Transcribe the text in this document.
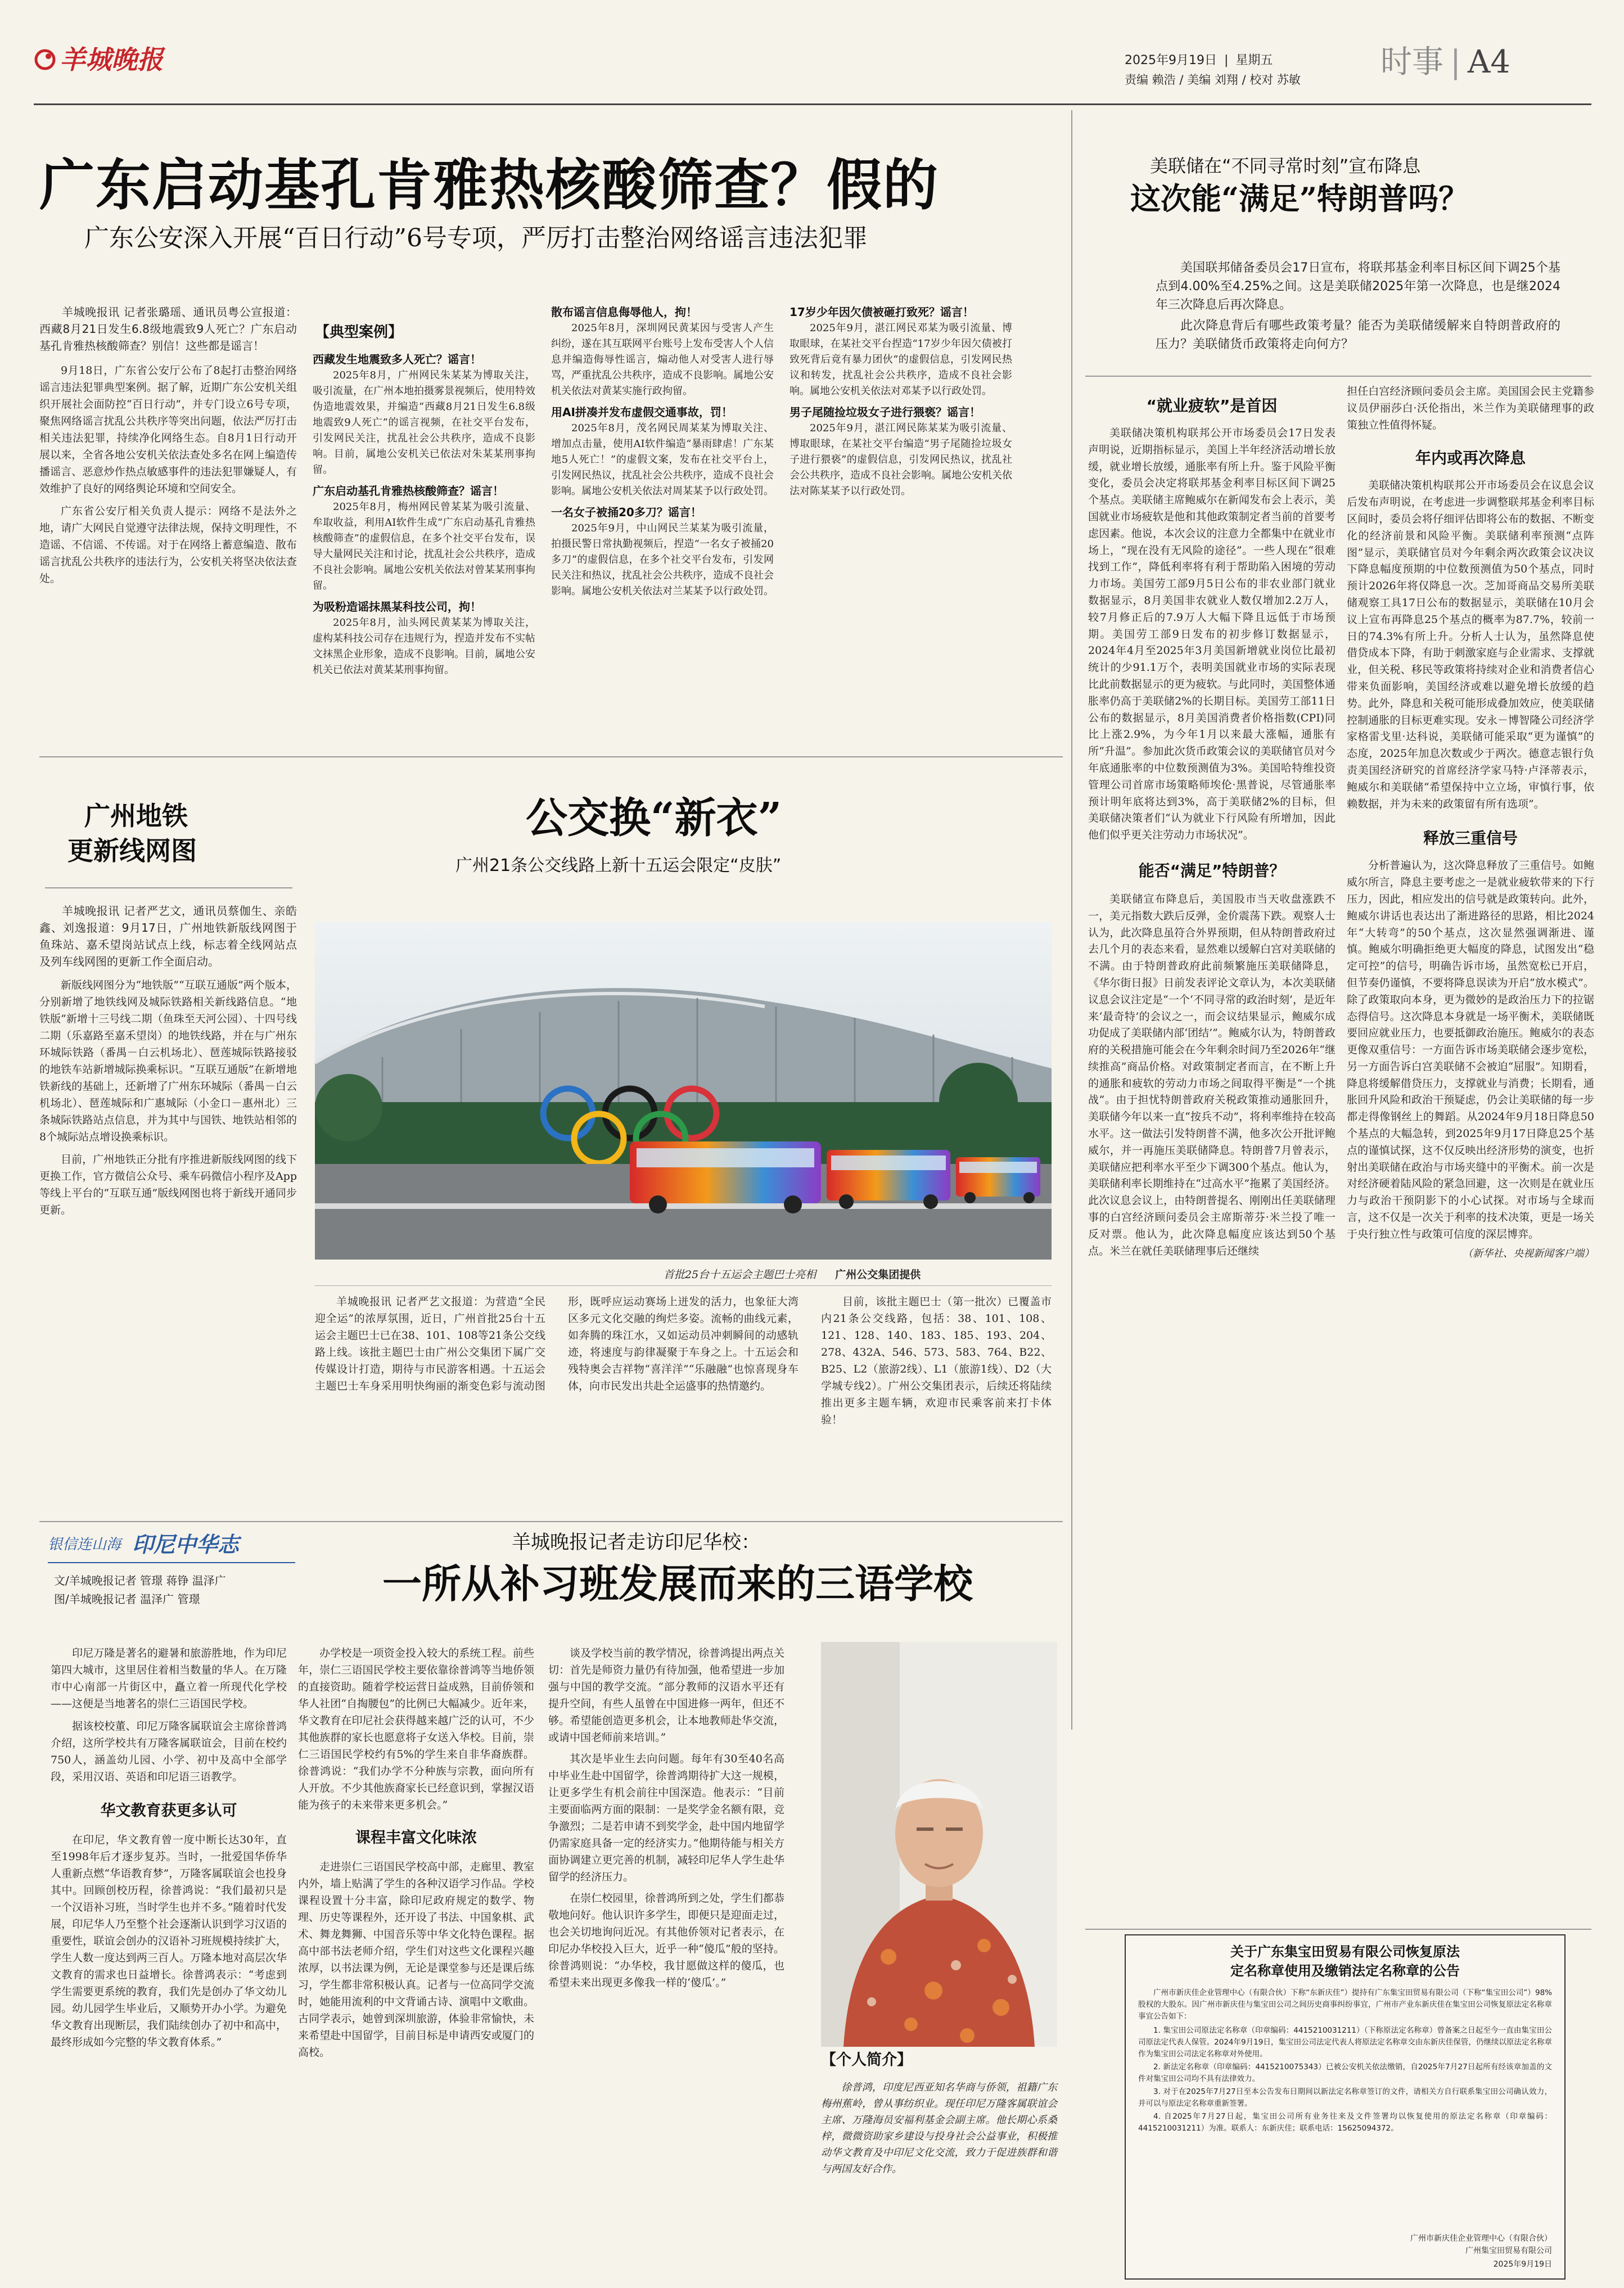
羊城晚报	2025年9月19日 | 星期五
责编 赖浩 / 美编 刘翔 / 校对 苏敏	时事 | A4
广东启动基孔肯雅热核酸筛查？假的
广东公安深入开展“百日行动”6号专项，严厉打击整治网络谣言违法犯罪

羊城晚报讯 记者张璐瑶、通讯员粤公宣报道：西藏8月21日发生6.8级地震致9人死亡？广东启动基孔肯雅热核酸筛查？别信！这些都是谣言！

9月18日，广东省公安厅公布了8起打击整治网络谣言违法犯罪典型案例。据了解，近期广东公安机关组织开展社会面防控“百日行动”，并专门设立6号专项，聚焦网络谣言扰乱公共秩序等突出问题，依法严厉打击相关违法犯罪，持续净化网络生态。自8月1日行动开展以来，全省各地公安机关依法查处多名在网上编造传播谣言、恶意炒作热点敏感事件的违法犯罪嫌疑人，有效维护了良好的网络舆论环境和空间安全。

广东省公安厅相关负责人提示：网络不是法外之地，请广大网民自觉遵守法律法规，保持文明理性，不造谣、不信谣、不传谣。对于在网络上蓄意编造、散布谣言扰乱公共秩序的违法行为，公安机关将坚决依法查处。

【典型案例】
西藏发生地震致多人死亡？谣言！
2025年8月，广州网民朱某某为博取关注，吸引流量，在广州本地拍摄雾景视频后，使用特效伪造地震效果，并编造“西藏8月21日发生6.8级地震致9人死亡”的谣言视频，在社交平台发布，引发网民关注，扰乱社会公共秩序，造成不良影响。目前，属地公安机关已依法对朱某某刑事拘留。
广东启动基孔肯雅热核酸筛查？谣言！
2025年8月，梅州网民曾某某为吸引流量、牟取收益，利用AI软件生成“广东启动基孔肯雅热核酸筛查”的虚假信息，在多个社交平台发布，误导大量网民关注和讨论，扰乱社会公共秩序，造成不良社会影响。属地公安机关依法对曾某某刑事拘留。
为吸粉造谣抹黑某科技公司，拘！
2025年8月，汕头网民黄某某为博取关注，虚构某科技公司存在违规行为，捏造并发布不实帖文抹黑企业形象，造成不良影响。目前，属地公安机关已依法对黄某某刑事拘留。
散布谣言信息侮辱他人，拘！
2025年8月，深圳网民黄某因与受害人产生纠纷，遂在其互联网平台账号上发布受害人个人信息并编造侮辱性谣言，煽动他人对受害人进行辱骂，严重扰乱公共秩序，造成不良影响。属地公安机关依法对黄某实施行政拘留。
用AI拼凑并发布虚假交通事故，罚！
2025年8月，茂名网民周某某为博取关注、增加点击量，使用AI软件编造“暴雨肆虐！广东某地5人死亡！”的虚假文案，发布在社交平台上，引发网民热议，扰乱社会公共秩序，造成不良社会影响。属地公安机关依法对周某某予以行政处罚。
一名女子被捅20多刀？谣言！
2025年9月，中山网民兰某某为吸引流量，拍摄民警日常执勤视频后，捏造“一名女子被捅20多刀”的虚假信息，在多个社交平台发布，引发网民关注和热议，扰乱社会公共秩序，造成不良社会影响。属地公安机关依法对兰某某予以行政处罚。
17岁少年因欠债被砸打致死？谣言！
2025年9月，湛江网民邓某为吸引流量、博取眼球，在某社交平台捏造“17岁少年因欠债被打致死背后竟有暴力团伙”的虚假信息，引发网民热议和转发，扰乱社会公共秩序，造成不良社会影响。属地公安机关依法对邓某予以行政处罚。
男子尾随捡垃圾女子进行猥亵？谣言！
2025年9月，湛江网民陈某某为吸引流量、博取眼球，在某社交平台编造“男子尾随捡垃圾女子进行猥亵”的虚假信息，引发网民热议，扰乱社会公共秩序，造成不良社会影响。属地公安机关依法对陈某某予以行政处罚。
广州地铁
更新线网图

羊城晚报讯 记者严艺文，通讯员蔡伽生、亲皓鑫、刘逸报道：9月17日，广州地铁新版线网图于鱼珠站、嘉禾望岗站试点上线，标志着全线网站点及列车线网图的更新工作全面启动。

新版线网图分为“地铁版”“互联互通版”两个版本，分别新增了地铁线网及城际铁路相关新线路信息。“地铁版”新增十三号线二期（鱼珠至天河公园）、十四号线二期（乐嘉路至嘉禾望岗）的地铁线路，并在与广州东环城际铁路（番禺－白云机场北）、琶莲城际铁路接驳的地铁车站新增城际换乘标识。“互联互通版”在新增地铁新线的基础上，还新增了广州东环城际（番禺－白云机场北）、琶莲城际和广惠城际（小金口－惠州北）三条城际铁路站点信息，并为其中与国铁、地铁站相邻的8个城际站点增设换乘标识。

目前，广州地铁正分批有序推进新版线网图的线下更换工作，官方微信公众号、乘车码微信小程序及App等线上平台的“互联互通”版线网图也将于新线开通同步更新。

公交换“新衣”
广州21条公交线路上新十五运会限定“皮肤”
首批25台十五运会主题巴士亮相 广州公交集团提供
羊城晚报讯 记者严艺文报道：为营造“全民迎全运”的浓厚氛围，近日，广州首批25台十五运会主题巴士已在38、101、108等21条公交线路上线。该批主题巴士由广州公交集团下属广交传媒设计打造，期待与市民游客相遇。十五运会主题巴士车身采用明快绚丽的渐变色彩与流动图形，既呼应运动赛场上迸发的活力，也象征大湾区多元文化交融的绚烂多姿。流畅的曲线元素，如奔腾的珠江水，又如运动员冲刺瞬间的动感轨迹，将速度与韵律凝聚于车身之上。十五运会和残特奥会吉祥物“喜洋洋”“乐融融”也惊喜现身车体，向市民发出共赴全运盛事的热情邀约。
目前，该批主题巴士（第一批次）已覆盖市内21条公交线路，包括：38、101、108、121、128、140、183、185、193、204、278、432A、546、573、583、764、B22、B25、L2（旅游2线）、L1（旅游1线）、D2（大学城专线2）。广州公交集团表示，后续还将陆续推出更多主题车辆，欢迎市民乘客前来打卡体验！
银信连山海 印尼中华志
文/羊城晚报记者 管璟 蒋铮 温泽广
图/羊城晚报记者 温泽广 管璟
羊城晚报记者走访印尼华校：
一所从补习班发展而来的三语学校

印尼万隆是著名的避暑和旅游胜地，作为印尼第四大城市，这里居住着相当数量的华人。在万隆市中心南部一片街区中，矗立着一所现代化学校——这便是当地著名的崇仁三语国民学校。

据该校校董、印尼万隆客属联谊会主席徐普鸿介绍，这所学校共有万隆客属联谊会，目前在校约750人，涵盖幼儿园、小学、初中及高中全部学段，采用汉语、英语和印尼语三语教学。

华文教育获更多认可

在印尼，华文教育曾一度中断长达30年，直至1998年后才逐步复苏。当时，一批爱国华侨华人重新点燃“华语教育梦”，万隆客属联谊会也投身其中。回顾创校历程，徐普鸿说：“我们最初只是一个汉语补习班，当时学生也并不多。”随着时代发展，印尼华人乃至整个社会逐渐认识到学习汉语的重要性，联谊会创办的汉语补习班规模持续扩大，学生人数一度达到两三百人。万隆本地对高层次华文教育的需求也日益增长。徐普鸿表示：“考虑到学生需要更系统的教育，我们先是创办了华文幼儿园。幼儿园学生毕业后，又顺势开办小学。为避免华文教育出现断层，我们陆续创办了初中和高中，最终形成如今完整的华文教育体系。”

办学校是一项资金投入较大的系统工程。前些年，崇仁三语国民学校主要依靠徐普鸿等当地侨领的直接资助。随着学校运营日益成熟，目前侨领和华人社团“自掏腰包”的比例已大幅减少。近年来，华文教育在印尼社会获得越来越广泛的认可，不少其他族群的家长也愿意将子女送入华校。目前，崇仁三语国民学校约有5%的学生来自非华裔族群。徐普鸿说：“我们办学不分种族与宗教，面向所有人开放。不少其他族裔家长已经意识到，掌握汉语能为孩子的未来带来更多机会。”

课程丰富文化味浓

走进崇仁三语国民学校高中部，走廊里、教室内外，墙上贴满了学生的各种汉语学习作品。学校课程设置十分丰富，除印尼政府规定的数学、物理、历史等课程外，还开设了书法、中国象棋、武术、舞龙舞狮、中国音乐等中华文化特色课程。据高中部书法老师介绍，学生们对这些文化课程兴趣浓厚，以书法课为例，无论是课堂参与还是课后练习，学生都非常积极认真。记者与一位高同学交流时，她能用流利的中文背诵古诗、演唱中文歌曲。古同学表示，她曾到深圳旅游，体验非常愉快，未来希望赴中国留学，目前目标是申请西安或厦门的高校。

谈及学校当前的教学情况，徐普鸿提出两点关切：首先是师资力量仍有待加强，他希望进一步加强与中国的教学交流。“部分教师的汉语水平还有提升空间，有些人虽曾在中国进修一两年，但还不够。希望能创造更多机会，让本地教师赴华交流，或请中国老师前来培训。”

其次是毕业生去向问题。每年有30至40名高中毕业生赴中国留学，徐普鸿期待扩大这一规模，让更多学生有机会前往中国深造。他表示：“目前主要面临两方面的限制：一是奖学金名额有限，竞争激烈；二是若申请不到奖学金，赴中国内地留学仍需家庭具备一定的经济实力。”他期待能与相关方面协调建立更完善的机制，减轻印尼华人学生赴华留学的经济压力。

在崇仁校园里，徐普鸿所到之处，学生们都恭敬地问好。他认识许多学生，即便只是迎面走过，也会关切地询问近况。有其他侨领对记者表示，在印尼办华校投入巨大，近乎一种“傻瓜”般的坚持。徐普鸿则说：“办华校，我甘愿做这样的傻瓜，也希望未来出现更多像我一样的‘傻瓜’。”

【个人简介】
徐普鸿，印度尼西亚知名华商与侨领，祖籍广东梅州蕉岭，曾从事纺织业。现任印尼万隆客属联谊会主席、万隆海员安福利基金会副主席。他长期心系桑梓，微微资助家乡建设与投身社会公益事业，积极推动华文教育及中印尼文化交流，致力于促进族群和谐与两国友好合作。
美联储在“不同寻常时刻”宣布降息
这次能“满足”特朗普吗？

美国联邦储备委员会17日宣布，将联邦基金利率目标区间下调25个基点到4.00%至4.25%之间。这是美联储2025年第一次降息，也是继2024年三次降息后再次降息。

此次降息背后有哪些政策考量？能否为美联储缓解来自特朗普政府的压力？美联储货币政策将走向何方？

“就业疲软”是首因

美联储决策机构联邦公开市场委员会17日发表声明说，近期指标显示，美国上半年经济活动增长放缓，就业增长放缓，通胀率有所上升。鉴于风险平衡变化，委员会决定将联邦基金利率目标区间下调25个基点。美联储主席鲍威尔在新闻发布会上表示，美国就业市场疲软是他和其他政策制定者当前的首要考虑因素。他说，本次会议的注意力全都集中在就业市场上，“现在没有无风险的途径”。一些人现在“很难找到工作”，降低利率将有利于帮助陷入困境的劳动力市场。美国劳工部9月5日公布的非农业部门就业数据显示，8月美国非农就业人数仅增加2.2万人，较7月修正后的7.9万人大幅下降且远低于市场预期。美国劳工部9日发布的初步修订数据显示，2024年4月至2025年3月美国新增就业岗位比最初统计的少91.1万个，表明美国就业市场的实际表现比此前数据显示的更为疲软。与此同时，美国整体通胀率仍高于美联储2%的长期目标。美国劳工部11日公布的数据显示，8月美国消费者价格指数(CPI)同比上涨2.9%，为今年1月以来最大涨幅，通胀有所“升温”。参加此次货币政策会议的美联储官员对今年底通胀率的中位数预测值为3%。美国哈特维投资管理公司首席市场策略师埃伦·黑普说，尽管通胀率预计明年底将达到3%，高于美联储2%的目标，但美联储决策者们“认为就业下行风险有所增加，因此他们似乎更关注劳动力市场状况”。

能否“满足”特朗普？

美联储宣布降息后，美国股市当天收盘涨跌不一，美元指数大跌后反弹，金价震荡下跌。观察人士认为，此次降息虽符合外界预期，但从特朗普政府过去几个月的表态来看，显然难以缓解白宫对美联储的不满。由于特朗普政府此前频繁施压美联储降息，《华尔街日报》日前发表评论文章认为，本次美联储议息会议注定是“一个‘不同寻常的政治时刻’，是近年来‘最奇特’的会议之一，而会议结果显示，鲍威尔成功促成了美联储内部‘团结’”。鲍威尔认为，特朗普政府的关税措施可能会在今年剩余时间乃至2026年“继续推高”商品价格。对政策制定者而言，在不断上升的通胀和疲软的劳动力市场之间取得平衡是“一个挑战”。由于担忧特朗普政府关税政策推动通胀回升，美联储今年以来一直“按兵不动”，将利率维持在较高水平。这一做法引发特朗普不满，他多次公开批评鲍威尔，并一再施压美联储降息。特朗普7月曾表示，美联储应把利率水平至少下调300个基点。他认为，美联储利率长期维持在“过高水平”拖累了美国经济。此次议息会议上，由特朗普提名、刚刚出任美联储理事的白宫经济顾问委员会主席斯蒂芬·米兰投了唯一反对票。他认为，此次降息幅度应该达到50个基点。米兰在就任美联储理事后还继续

担任白宫经济顾问委员会主席。美国国会民主党籍参议员伊丽莎白·沃伦指出，米兰作为美联储理事的政策独立性值得怀疑。

年内或再次降息

美联储决策机构联邦公开市场委员会在议息会议后发布声明说，在考虑进一步调整联邦基金利率目标区间时，委员会将仔细评估即将公布的数据、不断变化的经济前景和风险平衡。美联储利率预测“点阵图”显示，美联储官员对今年剩余两次政策会议决议下降息幅度预期的中位数预测值为50个基点，同时预计2026年将仅降息一次。芝加哥商品交易所美联储观察工具17日公布的数据显示，美联储在10月会议上宣布再降息25个基点的概率为87.7%，较前一日的74.3%有所上升。分析人士认为，虽然降息使借贷成本下降，有助于刺激家庭与企业需求、支撑就业，但关税、移民等政策将持续对企业和消费者信心带来负面影响，美国经济或难以避免增长放缓的趋势。此外，降息和关税可能形成叠加效应，使美联储控制通胀的目标更难实现。安永－博智隆公司经济学家格雷戈里·达科说，美联储可能采取“更为谨慎”的态度，2025年加息次数或少于两次。德意志银行负责美国经济研究的首席经济学家马特·卢泽蒂表示，鲍威尔和美联储“希望保持中立立场，审慎行事，依赖数据，并为未来的政策留有所有选项”。

释放三重信号

分析普遍认为，这次降息释放了三重信号。如鲍威尔所言，降息主要考虑之一是就业疲软带来的下行压力，因此，相应发出的信号就是政策转向。此外，鲍威尔讲话也表达出了渐进路径的思路，相比2024年“大转弯”的50个基点，这次显然强调渐进、谨慎。鲍威尔明确拒绝更大幅度的降息，试图发出“稳定可控”的信号，明确告诉市场，虽然宽松已开启，但节奏仍谨慎，不要将降息误读为开启“放水模式”。除了政策取向本身，更为微妙的是政治压力下的拉锯态得信号。这次降息本身就是一场平衡术，美联储既要回应就业压力，也要抵御政治施压。鲍威尔的表态更像双重信号：一方面告诉市场美联储会逐步宽松，另一方面告诉白宫美联储不会被迫“屈服”。知期看，降息将缓解借贷压力，支撑就业与消费；长期看，通胀回升风险和政治干预疑虑，仍会让美联储的每一步都走得像钢丝上的舞蹈。从2024年9月18日降息50个基点的大幅急转，到2025年9月17日降息25个基点的谨慎试探，这不仅反映出经济形势的演变，也折射出美联储在政治与市场夹缝中的平衡术。前一次是对经济硬着陆风险的紧急回避，这一次则是在就业压力与政治干预阴影下的小心试探。对市场与全球而言，这不仅是一次关于利率的技术决策，更是一场关于央行独立性与政策可信度的深层博弈。

（新华社、央视新闻客户端）

关于广东集宝田贸易有限公司恢复原法
定名称章使用及缴销法定名称章的公告
广州市新庆佳企业管理中心（有限合伙）下称“东新庆佳”）提持有广东集宝田贸易有限公司（下称“集宝田公司”）98%股权的大股东。因广州市新庆佳与集宝田公司之间历史商事纠纷事宜，广州市产业东新庆佳在集宝田公司恢复原法定名称章事宜公告如下：
1. 集宝田公司原法定名称章（印章编码：4415210031211）（下称原法定名称章）曾备案之日起至今一直由集宝田公司原法定代表人保管。2024年9月19日，集宝田公司法定代表人将原法定名称章交由东新庆佳保管，仍继续以原法定名称章作为集宝田公司法定名称章对外使用。
2. 新法定名称章（印章编码：4415210075343）已被公安机关依法缴销，自2025年7月27日起所有经该章加盖的文件对集宝田公司均不具有法律效力。
3. 对于在2025年7月27日至本公告发布日期间以新法定名称章签订的文件，请相关方自行联系集宝田公司确认效力，并可以与原法定名称章重新签署。
4. 自2025年7月27日起，集宝田公司所有业务往来及文件签署均以恢复使用的原法定名称章（印章编码：4415210031211）为准。联系人：东新庆佳；联系电话：15625094372。
广州市新庆佳企业管理中心（有限合伙）
广州集宝田贸易有限公司
2025年9月19日
